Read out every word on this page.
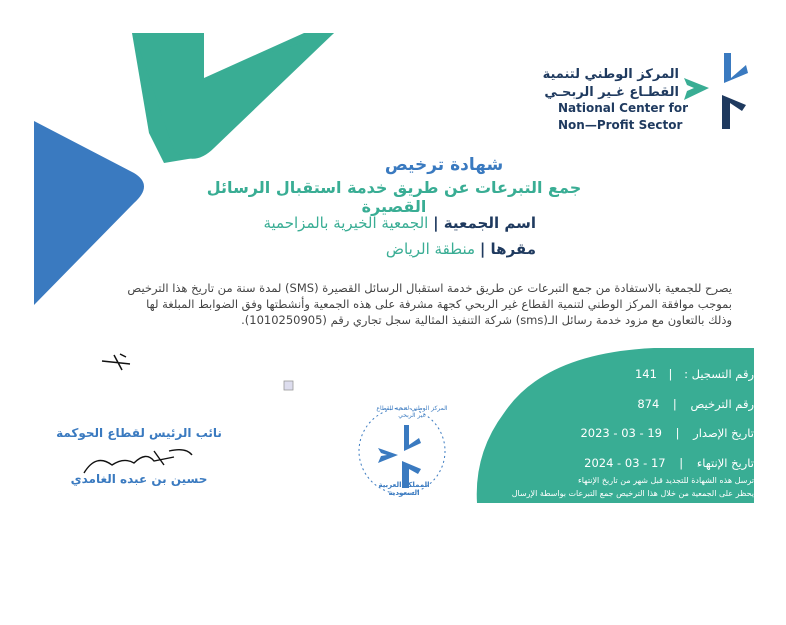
المركز الوطني لتنمية
القطـاع غـير الربحـي
National Center for
Non—Profit Sector
شهادة ترخيص
جمع التبرعات عن طريق خدمة استقبال الرسائل القصيرة
اسم الجمعية | الجمعية الخيرية بالمزاحمية
مقرها | منطقة الرياض
يصرح للجمعية بالاستفادة من جمع التبرعات عن طريق خدمة استقبال الرسائل القصيرة (SMS) لمدة سنة من تاريخ هذا الترخيص
بموجب موافقة المركز الوطني لتنمية القطاع غير الربحي كجهة مشرفة على هذه الجمعية وأنشطتها وفق الضوابط المبلغة لها
وذلك بالتعاون مع مزود خدمة رسائل الـ(sms) شركة التنفيذ المثالية سجل تجاري رقم (1010250905).
رقم التسجيل : | 141
رقم الترخيص | 874
تاريخ الإصدار | 19 - 03 - 2023
تاريخ الإنتهاء | 17 - 03 - 2024
ترسل هذه الشهادة للتجديد قبل شهر من تاريخ الإنتهاء
يحظر على الجمعية من خلال هذا الترخيص جمع التبرعات بواسطة الإرسال
المركز الوطني لتنمية القطاع غير الربحي
المملكة العربية السعودية
نائب الرئيس لقطاع الحوكمة
حسين بن عبده الغامدي
